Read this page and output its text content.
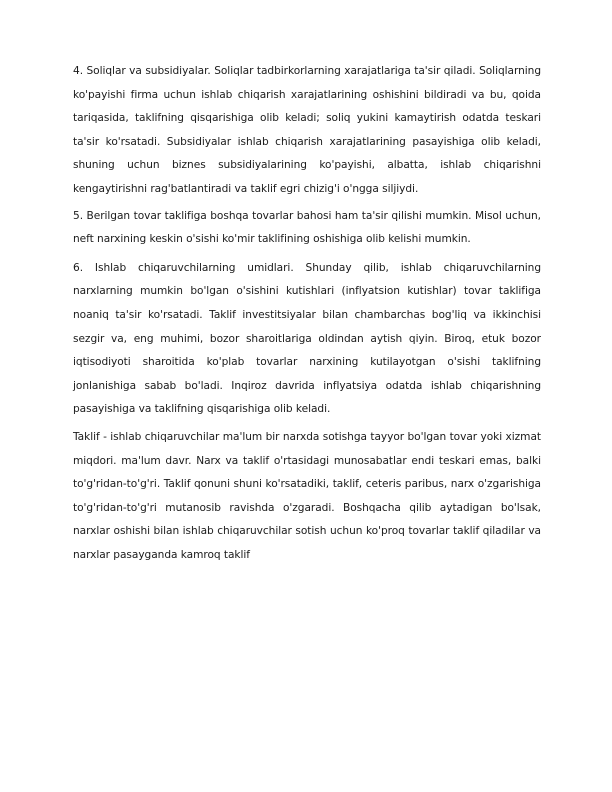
4. Soliqlar va subsidiyalar. Soliqlar tadbirkorlarning xarajatlariga ta'sir qiladi. Soliqlarning ko'payishi firma uchun ishlab chiqarish xarajatlarining oshishini bildiradi va bu, qoida tariqasida, taklifning qisqarishiga olib keladi; soliq yukini kamaytirish odatda teskari ta'sir ko'rsatadi. Subsidiyalar ishlab chiqarish xarajatlarining pasayishiga olib keladi, shuning uchun biznes subsidiyalarining ko'payishi, albatta, ishlab chiqarishni kengaytirishni rag'batlantiradi va taklif egri chizig'i o'ngga siljiydi.

5. Berilgan tovar taklifiga boshqa tovarlar bahosi ham ta'sir qilishi mumkin. Misol uchun, neft narxining keskin o'sishi ko'mir taklifining oshishiga olib kelishi mumkin.

6. Ishlab chiqaruvchilarning umidlari. Shunday qilib, ishlab chiqaruvchilarning narxlarning mumkin bo'lgan o'sishini kutishlari (inflyatsion kutishlar) tovar taklifiga noaniq ta'sir ko'rsatadi. Taklif investitsiyalar bilan chambarchas bog'liq va ikkinchisi sezgir va, eng muhimi, bozor sharoitlariga oldindan aytish qiyin. Biroq, etuk bozor iqtisodiyoti sharoitida ko'plab tovarlar narxining kutilayotgan o'sishi taklifning jonlanishiga sabab bo'ladi. Inqiroz davrida inflyatsiya odatda ishlab chiqarishning pasayishiga va taklifning qisqarishiga olib keladi.

Taklif - ishlab chiqaruvchilar ma'lum bir narxda sotishga tayyor bo'lgan tovar yoki xizmat miqdori. ma'lum davr. Narx va taklif o'rtasidagi munosabatlar endi teskari emas, balki to'g'ridan-to'g'ri. Taklif qonuni shuni ko'rsatadiki, taklif, ceteris paribus, narx o'zgarishiga to'g'ridan-to'g'ri mutanosib ravishda o'zgaradi. Boshqacha qilib aytadigan bo'lsak, narxlar oshishi bilan ishlab chiqaruvchilar sotish uchun ko'proq tovarlar taklif qiladilar va narxlar pasayganda kamroq taklif
